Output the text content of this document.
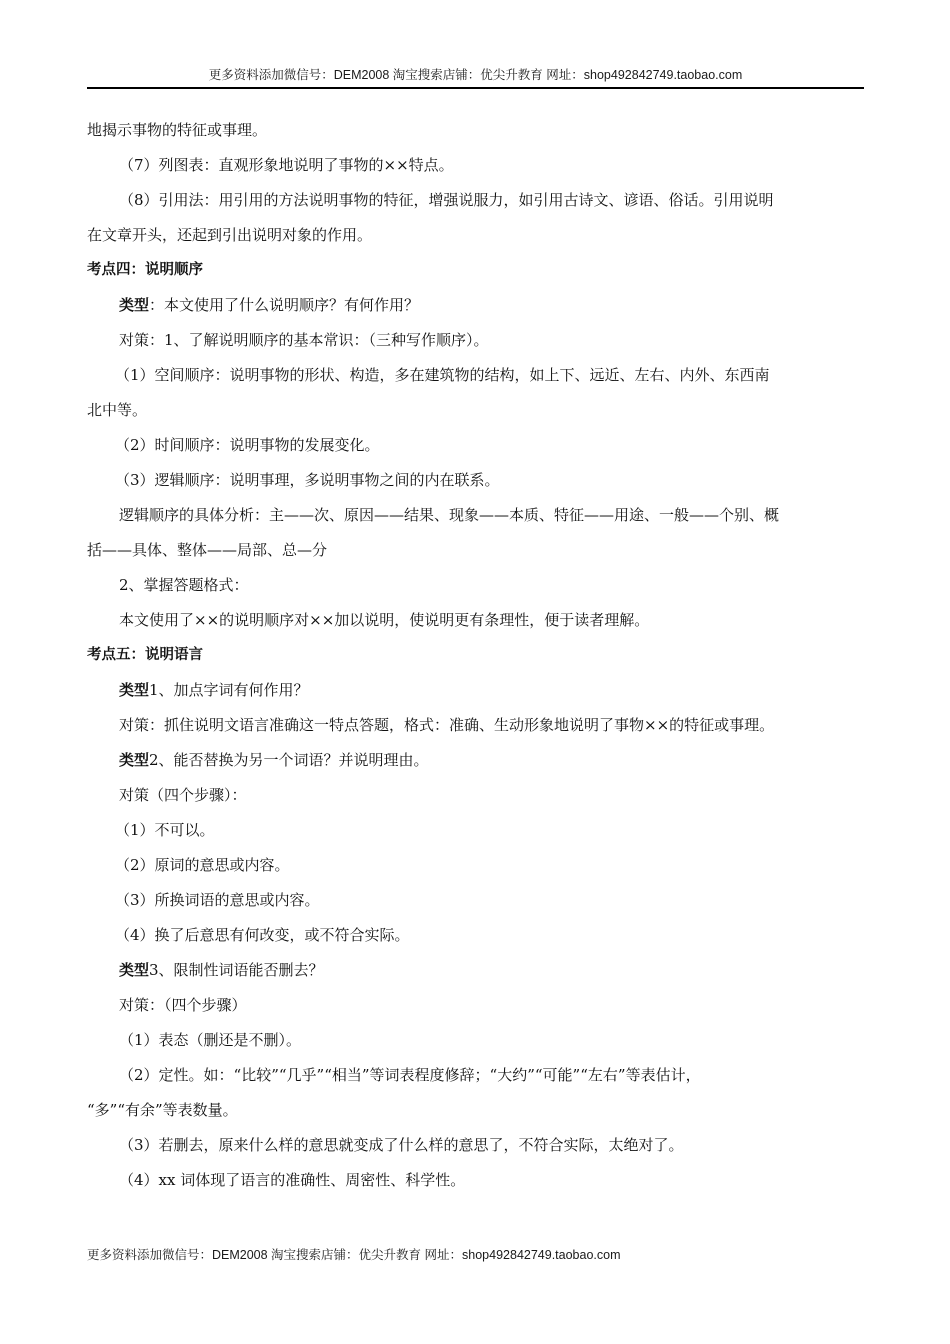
更多资料添加微信号：DEM2008 淘宝搜索店铺：优尖升教育 网址：shop492842749.taobao.com
地揭示事物的特征或事理。
（7）列图表：直观形象地说明了事物的××特点。
（8）引用法：用引用的方法说明事物的特征，增强说服力，如引用古诗文、谚语、俗话。引用说明
在文章开头，还起到引出说明对象的作用。
考点四：说明顺序
类型：本文使用了什么说明顺序？有何作用？
对策：1、了解说明顺序的基本常识：（三种写作顺序）。
（1）空间顺序：说明事物的形状、构造，多在建筑物的结构，如上下、远近、左右、内外、东西南
北中等。
（2）时间顺序：说明事物的发展变化。
（3）逻辑顺序：说明事理，多说明事物之间的内在联系。
逻辑顺序的具体分析：主——次、原因——结果、现象——本质、特征——用途、一般——个别、概
括——具体、整体——局部、总—分
2、掌握答题格式：
本文使用了××的说明顺序对××加以说明，使说明更有条理性，便于读者理解。
考点五：说明语言
类型1、加点字词有何作用？
对策：抓住说明文语言准确这一特点答题，格式：准确、生动形象地说明了事物××的特征或事理。
类型2、能否替换为另一个词语？并说明理由。
对策（四个步骤）：
（1）不可以。
（2）原词的意思或内容。
（3）所换词语的意思或内容。
（4）换了后意思有何改变，或不符合实际。
类型3、限制性词语能否删去？
对策：（四个步骤）
（1）表态（删还是不删）。
（2）定性。如：“比较”“几乎”“相当”等词表程度修辞；“大约”“可能”“左右”等表估计，
“多”“有余”等表数量。
（3）若删去，原来什么样的意思就变成了什么样的意思了，不符合实际，太绝对了。
（4）xx 词体现了语言的准确性、周密性、科学性。
更多资料添加微信号：DEM2008 淘宝搜索店铺：优尖升教育 网址：shop492842749.taobao.com
